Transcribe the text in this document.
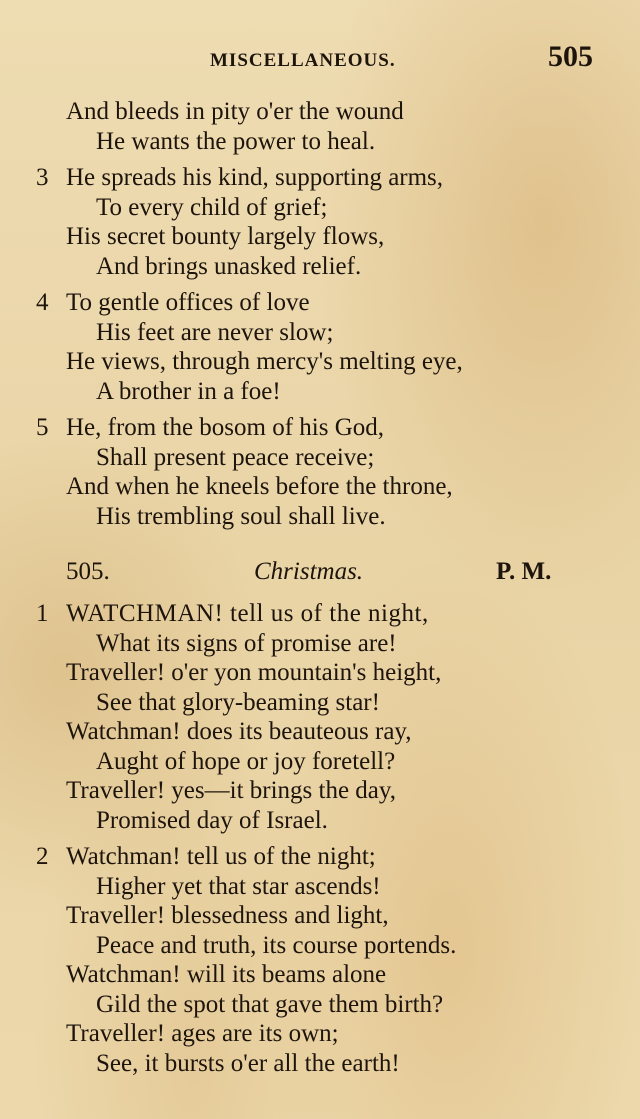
MISCELLANEOUS.	505
And bleeds in pity o'er the wound
He wants the power to heal.
3 He spreads his kind, supporting arms,
To every child of grief;
His secret bounty largely flows,
And brings unasked relief.
4 To gentle offices of love
His feet are never slow;
He views, through mercy's melting eye,
A brother in a foe!
5 He, from the bosom of his God,
Shall present peace receive;
And when he kneels before the throne,
His trembling soul shall live.
505.	Christmas.	P. M.
1 WATCHMAN! tell us of the night,
What its signs of promise are!
Traveller! o'er yon mountain's height,
See that glory-beaming star!
Watchman! does its beauteous ray,
Aught of hope or joy foretell?
Traveller! yes—it brings the day,
Promised day of Israel.
2 Watchman! tell us of the night;
Higher yet that star ascends!
Traveller! blessedness and light,
Peace and truth, its course portends.
Watchman! will its beams alone
Gild the spot that gave them birth?
Traveller! ages are its own;
See, it bursts o'er all the earth!
